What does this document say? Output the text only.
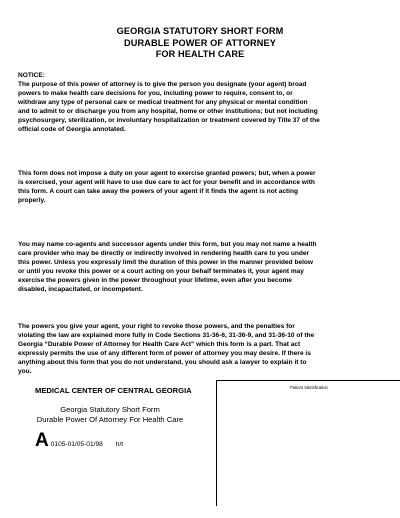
GEORGIA STATUTORY SHORT FORM
DURABLE POWER OF ATTORNEY
FOR HEALTH CARE
NOTICE:
The purpose of this power of attorney is to give the person you designate (your agent) broad
powers to make health care decisions for you, including power to require, consent to, or
withdraw any type of personal care or medical treatment for any physical or mental condition
and to admit to or discharge you from any hospital, home or other institutions; but not including
psychosurgery, sterilization, or involuntary hospitalization or treatment covered by Title 37 of the
official code of Georgia annotated.
This form does not impose a duty on your agent to exercise granted powers; but, when a power
is exercised, your agent will have to use due care to act for your benefit and in accordance with
this form. A court can take away the powers of your agent if it finds the agent is not acting
properly.
You may name co-agents and successor agents under this form, but you may not name a health
care provider who may be directly or indirectly involved in rendering health care to you under
this power. Unless you expressly limit the duration of this power in the manner provided below
or until you revoke this power or a court acting on your behalf terminates it, your agent may
exercise the powers given in the power throughout your lifetime, even after you become
disabled, incapacitated, or incompetent.
The powers you give your agent, your right to revoke those powers, and the penalties for
violating the law are explained more fully in Code Sections 31-36-6, 31-36-9, and 31-36-10 of the
Georgia “Durable Power of Attorney for Health Care Act” which this form is a part. That act
expressly permits the use of any different form of power of attorney you may desire. If there is
anything about this form that you do not understand, you should ask a lawyer to explain it to
you.
MEDICAL CENTER OF CENTRAL GEORGIA
Georgia Statutory Short Form
Durable Power Of Attorney For Health Care
A 0105-01/05-01/98 h/t
Patient Identification
